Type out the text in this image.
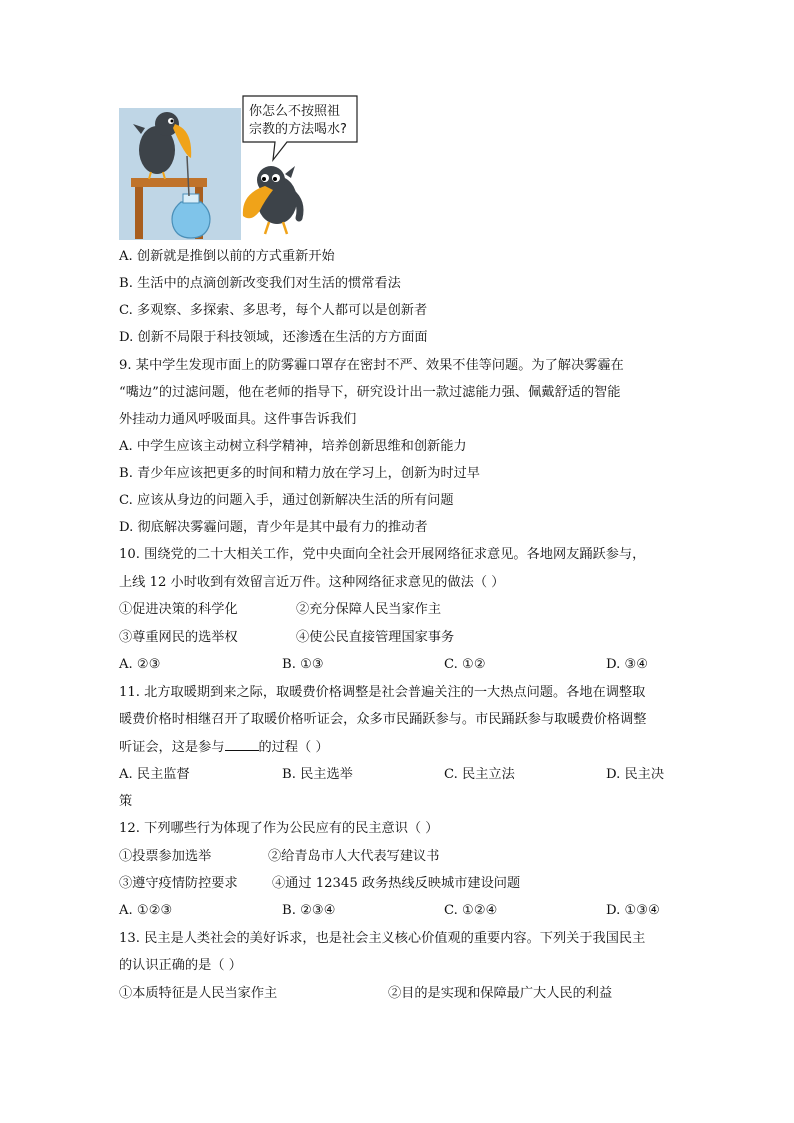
你怎么不按照祖
宗教的方法喝水?
A. 创新就是推倒以前的方式重新开始
B. 生活中的点滴创新改变我们对生活的惯常看法
C. 多观察、多探索、多思考，每个人都可以是创新者
D. 创新不局限于科技领域，还渗透在生活的方方面面
9. 某中学生发现市面上的防雾霾口罩存在密封不严、效果不佳等问题。为了解决雾霾在
“嘴边”的过滤问题，他在老师的指导下，研究设计出一款过滤能力强、佩戴舒适的智能
外挂动力通风呼吸面具。这件事告诉我们
A. 中学生应该主动树立科学精神，培养创新思维和创新能力
B. 青少年应该把更多的时间和精力放在学习上，创新为时过早
C. 应该从身边的问题入手，通过创新解决生活的所有问题
D. 彻底解决雾霾问题，青少年是其中最有力的推动者
10. 围绕党的二十大相关工作，党中央面向全社会开展网络征求意见。各地网友踊跃参与，
上线 12 小时收到有效留言近万件。这种网络征求意见的做法（ ）
①促进决策的科学化	②充分保障人民当家作主
③尊重网民的选举权	④使公民直接管理国家事务
A. ②③	B. ①③	C. ①②	D. ③④
11. 北方取暖期到来之际，取暖费价格调整是社会普遍关注的一大热点问题。各地在调整取
暖费价格时相继召开了取暖价格听证会，众多市民踊跃参与。市民踊跃参与取暖费价格调整
听证会，这是参与	的过程（ ）
A. 民主监督	B. 民主选举	C. 民主立法	D. 民主决
策
12. 下列哪些行为体现了作为公民应有的民主意识（ ）
①投票参加选举	②给青岛市人大代表写建议书
③遵守疫情防控要求	④通过 12345 政务热线反映城市建设问题
A. ①②③	B. ②③④	C. ①②④	D. ①③④
13. 民主是人类社会的美好诉求，也是社会主义核心价值观的重要内容。下列关于我国民主
的认识正确的是（ ）
①本质特征是人民当家作主	②目的是实现和保障最广大人民的利益
